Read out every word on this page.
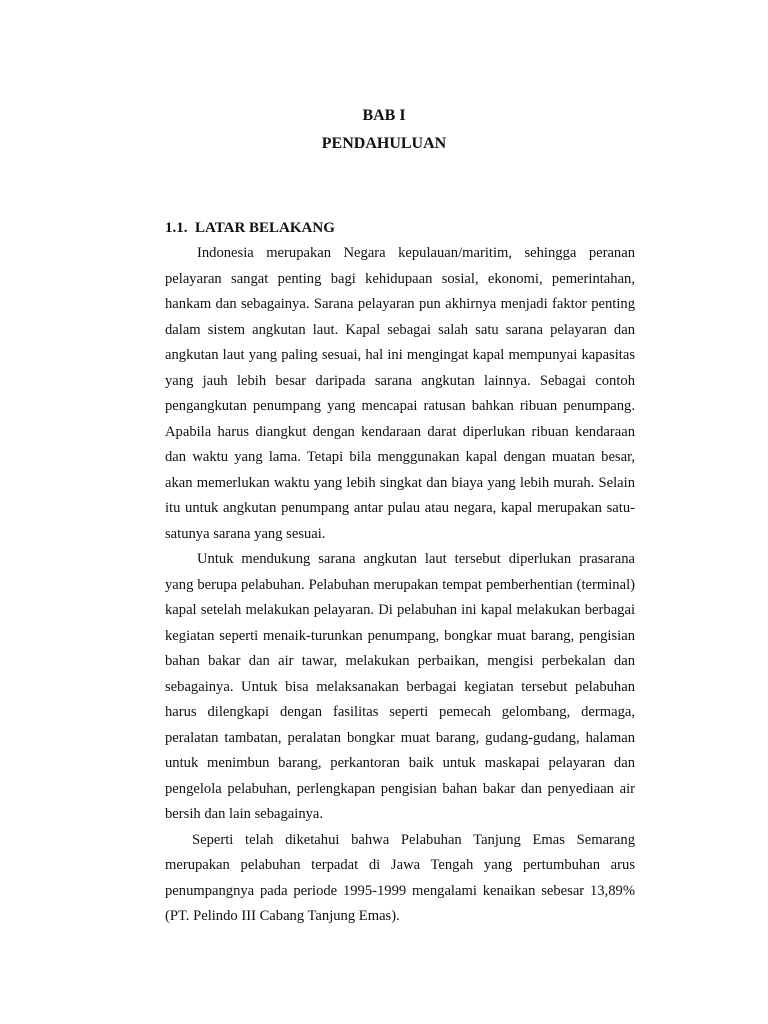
BAB I
PENDAHULUAN
1.1.  LATAR BELAKANG

Indonesia merupakan Negara kepulauan/maritim, sehingga peranan pelayaran sangat penting bagi kehidupaan sosial, ekonomi, pemerintahan, hankam dan sebagainya. Sarana pelayaran pun akhirnya menjadi faktor penting dalam sistem angkutan laut. Kapal sebagai salah satu sarana pelayaran dan angkutan laut yang paling sesuai, hal ini mengingat kapal mempunyai kapasitas yang jauh lebih besar daripada sarana angkutan lainnya. Sebagai contoh pengangkutan penumpang yang mencapai ratusan bahkan ribuan penumpang. Apabila harus diangkut dengan kendaraan darat diperlukan ribuan kendaraan dan waktu yang lama. Tetapi bila menggunakan kapal dengan muatan besar, akan memerlukan waktu yang lebih singkat dan biaya yang lebih murah. Selain itu untuk angkutan penumpang antar pulau atau negara, kapal merupakan satu-satunya sarana yang sesuai.

Untuk mendukung sarana angkutan laut tersebut diperlukan prasarana yang berupa pelabuhan. Pelabuhan merupakan tempat pemberhentian (terminal) kapal setelah melakukan pelayaran. Di pelabuhan ini kapal melakukan berbagai kegiatan seperti menaik-turunkan penumpang, bongkar muat barang, pengisian bahan bakar dan air tawar, melakukan perbaikan, mengisi perbekalan dan sebagainya. Untuk bisa melaksanakan berbagai kegiatan tersebut pelabuhan harus dilengkapi dengan fasilitas seperti pemecah gelombang, dermaga, peralatan tambatan, peralatan bongkar muat barang, gudang-gudang, halaman untuk menimbun barang, perkantoran baik untuk maskapai pelayaran dan pengelola pelabuhan, perlengkapan pengisian bahan bakar dan penyediaan air bersih dan lain sebagainya.

Seperti telah diketahui bahwa Pelabuhan Tanjung Emas Semarang merupakan pelabuhan terpadat di Jawa Tengah yang pertumbuhan arus penumpangnya pada periode 1995-1999 mengalami kenaikan sebesar 13,89% (PT. Pelindo III Cabang Tanjung Emas).
